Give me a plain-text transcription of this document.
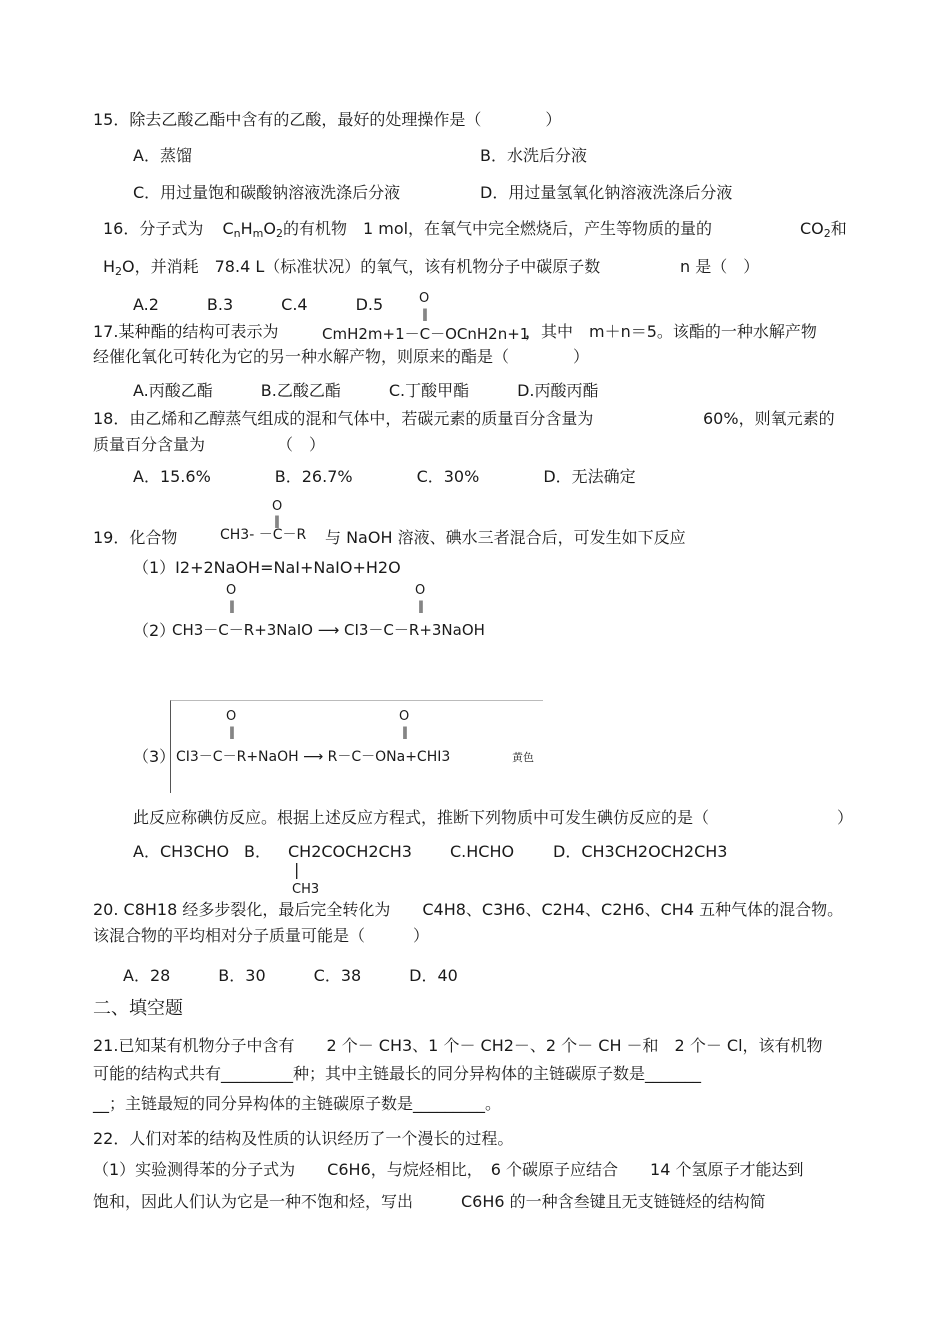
15．除去乙酸乙酯中含有的乙酸，最好的处理操作是（　　　　）
A．蒸馏	B．水洗后分液
C．用过量饱和碳酸钠溶液洗涤后分液	D．用过量氢氧化钠溶液洗涤后分液
16．分子式为 $C_nH_mO_2$的有机物　1 mol，在氧气中完全燃烧后，产生等物质的量的	$CO_2$和
$H_2O$，并消耗　78.4 L（标准状况）的氧气，该有机物分子中碳原子数	n 是（　）
A.2　　　B.3　　　C.4　　　D.5	O
‖
17.某种酯的结构可表示为	CmH2m+1－C－OCnH2n+1
，其中　m＋n＝5。该酯的一种水解产物
经催化氧化可转化为它的另一种水解产物，则原来的酯是（　　　　）
A.丙酸乙酯　　　B.乙酸乙酯　　　C.丁酸甲酯　　　D.丙酸丙酯
18．由乙烯和乙醇蒸气组成的混和气体中，若碳元素的质量百分含量为	60%，则氧元素的
质量百分含量为　　　　　（　）
A．15.6%　　　　B．26.7%　　　　C．30%　　　　D．无法确定
O
‖
19．化合物	CH3- －C－R 与 NaOH 溶液、碘水三者混合后，可发生如下反应
（1）I2+2NaOH=NaI+NaIO+H2O
（2）
O
‖
O
‖
CH3－C－R+3NaIO ⟶ CI3－C－R+3NaOH
（3）
O
‖
O
‖
CI3－C－R+NaOH ⟶ R－C－ONa+CHI3	黄色
此反应称碘仿反应。根据上述反应方程式，推断下列物质中可发生碘仿反应的是（　　　　　　　　）
A．CH3CHO B． CH2COCH2CH3
|
CH3
C.HCHO D．CH3CH2OCH2CH3
20. C8H18 经多步裂化，最后完全转化为　　C4H8、C3H6、C2H4、C2H6、CH4 五种气体的混合物。
该混合物的平均相对分子质量可能是（　　　）
A．28　　　B．30　　　C．38　　　D．40
二、填空题
21.已知某有机物分子中含有　　2 个－ CH3、1 个－ CH2－、2 个－ CH －和　2 个－ Cl，该有机物
可能的结构式共有_________种；其中主链最长的同分异构体的主链碳原子数是_______
__；主链最短的同分异构体的主链碳原子数是_________。
22．人们对苯的结构及性质的认识经历了一个漫长的过程。
（1）实验测得苯的分子式为　　C6H6，与烷烃相比，　6 个碳原子应结合　　14 个氢原子才能达到
饱和，因此人们认为它是一种不饱和烃，写出　　　C6H6 的一种含叁键且无支链链烃的结构简
